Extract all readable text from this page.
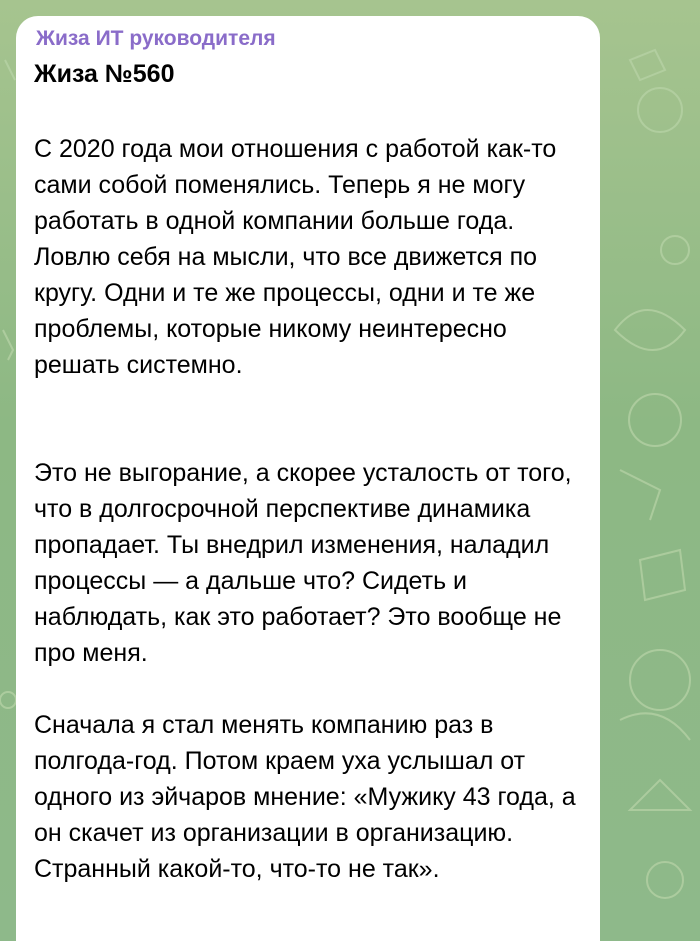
Жиза ИТ руководителя
Жиза №560

С 2020 года мои отношения с работой как-то сами собой поменялись. Теперь я не могу работать в одной компании больше года. Ловлю себя на мысли, что все движется по кругу. Одни и те же процессы, одни и те же проблемы, которые никому неинтересно решать системно.

Это не выгорание, а скорее усталость от того, что в долгосрочной перспективе динамика пропадает. Ты внедрил изменения, наладил процессы — а дальше что? Сидеть и наблюдать, как это работает? Это вообще не про меня.

Сначала я стал менять компанию раз в полгода-год. Потом краем уха услышал от одного из эйчаров мнение: «Мужику 43 года, а он скачет из организации в организацию. Странный какой-то, что-то не так».
